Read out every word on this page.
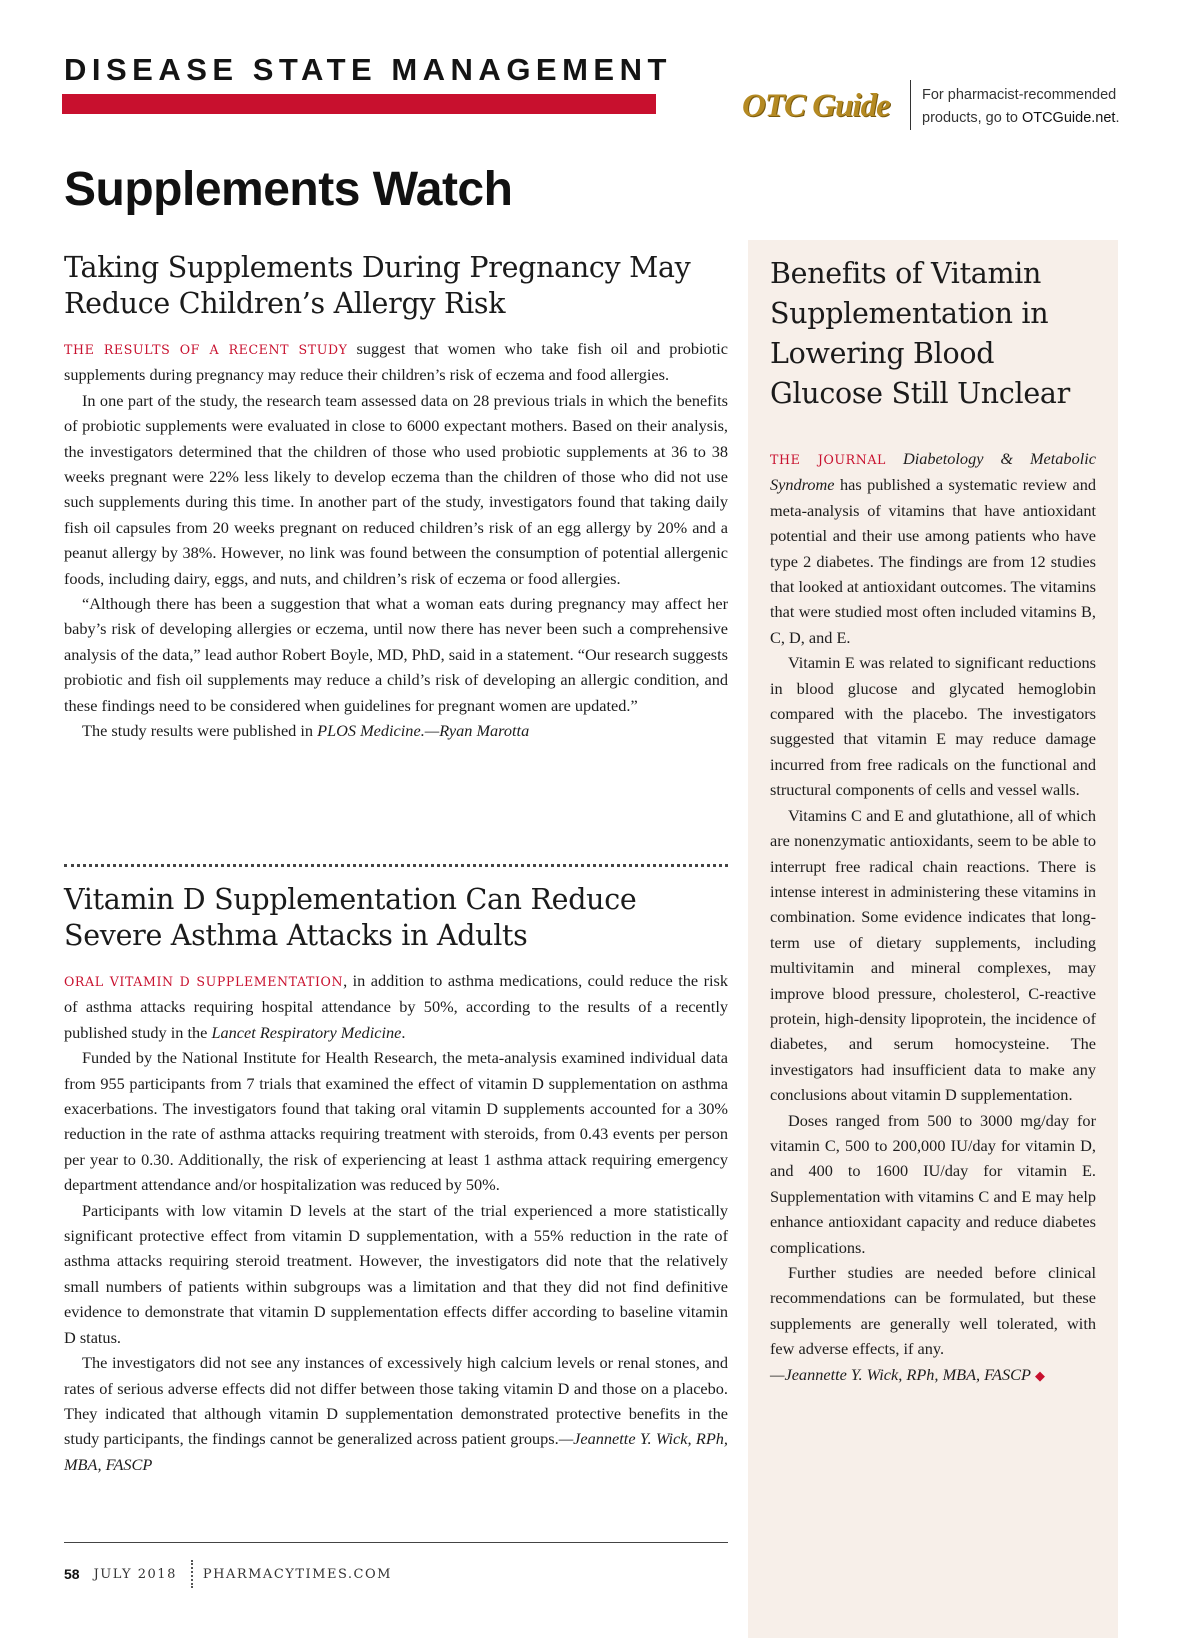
DISEASE STATE MANAGEMENT
OTC Guide For pharmacist-recommended products, go to OTCGuide.net.
Supplements Watch
Taking Supplements During Pregnancy May Reduce Children’s Allergy Risk

THE RESULTS OF A RECENT STUDY suggest that women who take fish oil and probiotic supplements during pregnancy may reduce their children’s risk of eczema and food allergies.

In one part of the study, the research team assessed data on 28 previous trials in which the benefits of probiotic supplements were evaluated in close to 6000 expectant mothers. Based on their analysis, the investigators determined that the children of those who used probiotic supplements at 36 to 38 weeks pregnant were 22% less likely to develop eczema than the children of those who did not use such supplements during this time. In another part of the study, investigators found that taking daily fish oil capsules from 20 weeks pregnant on reduced children’s risk of an egg allergy by 20% and a peanut allergy by 38%. However, no link was found between the consumption of potential allergenic foods, including dairy, eggs, and nuts, and children’s risk of eczema or food allergies.

“Although there has been a suggestion that what a woman eats during pregnancy may affect her baby’s risk of developing allergies or eczema, until now there has never been such a comprehensive analysis of the data,” lead author Robert Boyle, MD, PhD, said in a statement. “Our research suggests probiotic and fish oil supplements may reduce a child’s risk of developing an allergic condition, and these findings need to be considered when guidelines for pregnant women are updated.”

The study results were published in PLOS Medicine.—Ryan Marotta

Vitamin D Supplementation Can Reduce Severe Asthma Attacks in Adults

ORAL VITAMIN D SUPPLEMENTATION, in addition to asthma medications, could reduce the risk of asthma attacks requiring hospital attendance by 50%, according to the results of a recently published study in the Lancet Respiratory Medicine.

Funded by the National Institute for Health Research, the meta-analysis examined individual data from 955 participants from 7 trials that examined the effect of vitamin D supplementation on asthma exacerbations. The investigators found that taking oral vitamin D supplements accounted for a 30% reduction in the rate of asthma attacks requiring treatment with steroids, from 0.43 events per person per year to 0.30. Additionally, the risk of experiencing at least 1 asthma attack requiring emergency department attendance and/or hospitalization was reduced by 50%.

Participants with low vitamin D levels at the start of the trial experienced a more statistically significant protective effect from vitamin D supplementation, with a 55% reduction in the rate of asthma attacks requiring steroid treatment. However, the investigators did note that the relatively small numbers of patients within subgroups was a limitation and that they did not find definitive evidence to demonstrate that vitamin D supplementation effects differ according to baseline vitamin D status.

The investigators did not see any instances of excessively high calcium levels or renal stones, and rates of serious adverse effects did not differ between those taking vitamin D and those on a placebo. They indicated that although vitamin D supplementation demonstrated protective benefits in the study participants, the findings cannot be generalized across patient groups.—Jeannette Y. Wick, RPh, MBA, FASCP

58 JULY 2018 PHARMACYTIMES.COM
Benefits of Vitamin Supplementation in Lowering Blood Glucose Still Unclear

THE JOURNAL Diabetology & Metabolic Syndrome has published a systematic review and meta-analysis of vitamins that have antioxidant potential and their use among patients who have type 2 diabetes. The findings are from 12 studies that looked at antioxidant outcomes. The vitamins that were studied most often included vitamins B, C, D, and E.

Vitamin E was related to significant reductions in blood glucose and glycated hemoglobin compared with the placebo. The investigators suggested that vitamin E may reduce damage incurred from free radicals on the functional and structural components of cells and vessel walls.

Vitamins C and E and glutathione, all of which are nonenzymatic antioxidants, seem to be able to interrupt free radical chain reactions. There is intense interest in administering these vitamins in combination. Some evidence indicates that long-term use of dietary supplements, including multivitamin and mineral complexes, may improve blood pressure, cholesterol, C-reactive protein, high-density lipoprotein, the incidence of diabetes, and serum homocysteine. The investigators had insufficient data to make any conclusions about vitamin D supplementation.

Doses ranged from 500 to 3000 mg/day for vitamin C, 500 to 200,000 IU/day for vitamin D, and 400 to 1600 IU/day for vitamin E. Supplementation with vitamins C and E may help enhance antioxidant capacity and reduce diabetes complications.

Further studies are needed before clinical recommendations can be formulated, but these supplements are generally well tolerated, with few adverse effects, if any.

—Jeannette Y. Wick, RPh, MBA, FASCP ◆
